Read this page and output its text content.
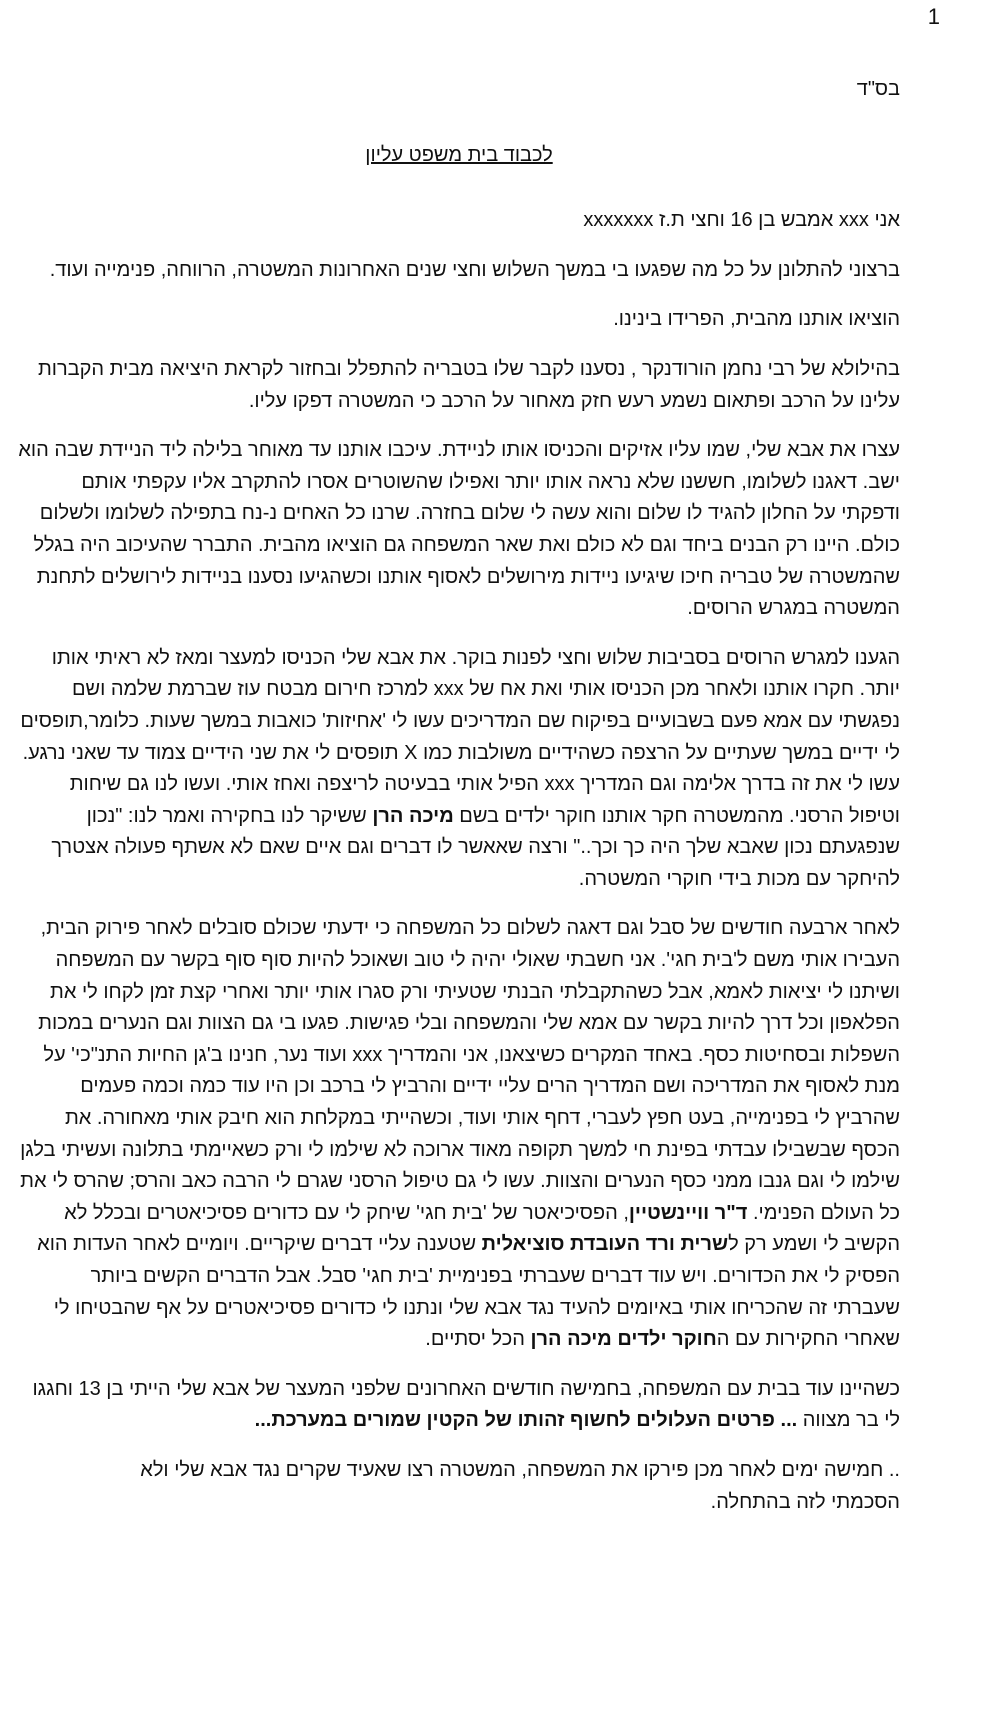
1

בס"ד

לכבוד בית משפט עליון

אני xxx אמבש בן 16 וחצי ת.ז xxxxxxx

ברצוני להתלונן על כל מה שפגעו בי במשך השלוש וחצי שנים האחרונות המשטרה, הרווחה, פנימייה ועוד.

הוציאו אותנו מהבית, הפרידו בינינו.

בהילולא של רבי נחמן הורודנקר , נסענו לקבר שלו בטבריה להתפלל ובחזור לקראת היציאה מבית הקברות עלינו על הרכב ופתאום נשמע רעש חזק מאחור על הרכב כי המשטרה דפקו עליו.

עצרו את אבא שלי, שמו עליו אזיקים והכניסו אותו לניידת. עיכבו אותנו עד מאוחר בלילה ליד הניידת שבה הוא ישב. דאגנו לשלומו, חששנו שלא נראה אותו יותר ואפילו שהשוטרים אסרו להתקרב אליו עקפתי אותם ודפקתי על החלון להגיד לו שלום והוא עשה לי שלום בחזרה. שרנו כל האחים נ-נח בתפילה לשלומו ולשלום כולם. היינו רק הבנים ביחד וגם לא כולם ואת שאר המשפחה גם הוציאו מהבית. התברר שהעיכוב היה בגלל שהמשטרה של טבריה חיכו שיגיעו ניידות מירושלים לאסוף אותנו וכשהגיעו נסענו בניידות לירושלים לתחנת המשטרה במגרש הרוסים.

הגענו למגרש הרוסים בסביבות שלוש וחצי לפנות בוקר. את אבא שלי הכניסו למעצר ומאז לא ראיתי אותו יותר. חקרו אותנו ולאחר מכן הכניסו אותי ואת אח של xxx למרכז חירום מבטח עוז שברמת שלמה ושם נפגשתי עם אמא פעם בשבועיים בפיקוח שם המדריכים עשו לי 'אחיזות' כואבות במשך שעות. כלומר,תופסים לי ידיים במשך שעתיים על הרצפה כשהידיים משולבות כמו X תופסים לי את שני הידיים צמוד עד שאני נרגע. עשו לי את זה בדרך אלימה וגם המדריך xxx הפיל אותי בבעיטה לריצפה ואחז אותי. ועשו לנו גם שיחות וטיפול הרסני. מהמשטרה חקר אותנו חוקר ילדים בשם מיכה הרן ששיקר לנו בחקירה ואמר לנו: "נכון שנפגעתם נכון שאבא שלך היה כך וכך.." ורצה שאאשר לו דברים וגם איים שאם לא אשתף פעולה אצטרך להיחקר עם מכות בידי חוקרי המשטרה.

לאחר ארבעה חודשים של סבל וגם דאגה לשלום כל המשפחה כי ידעתי שכולם סובלים לאחר פירוק הבית, העבירו אותי משם ל'בית חגי'. אני חשבתי שאולי יהיה לי טוב ושאוכל להיות סוף סוף בקשר עם המשפחה ושיתנו לי יציאות לאמא, אבל כשהתקבלתי הבנתי שטעיתי ורק סגרו אותי יותר ואחרי קצת זמן לקחו לי את הפלאפון וכל דרך להיות בקשר עם אמא שלי והמשפחה ובלי פגישות. פגעו בי גם הצוות וגם הנערים במכות השפלות ובסחיטות כסף. באחד המקרים כשיצאנו, אני והמדריך xxx ועוד נער, חנינו ב'גן החיות התנ"כי' על מנת לאסוף את המדריכה ושם המדריך הרים עליי ידיים והרביץ לי ברכב וכן היו עוד כמה וכמה פעמים שהרביץ לי בפנימייה, בעט חפץ לעברי, דחף אותי ועוד, וכשהייתי במקלחת הוא חיבק אותי מאחורה. את הכסף שבשבילו עבדתי בפינת חי למשך תקופה מאוד ארוכה לא שילמו לי ורק כשאיימתי בתלונה ועשיתי בלגן שילמו לי וגם גנבו ממני כסף הנערים והצוות. עשו לי גם טיפול הרסני שגרם לי הרבה כאב והרס; שהרס לי את כל העולם הפנימי. ד"ר וויינשטיין, הפסיכיאטר של 'בית חגי' שיחק לי עם כדורים פסיכיאטרים ובכלל לא הקשיב לי ושמע רק לשרית ורד העובדת סוציאלית שטענה עליי דברים שיקריים. ויומיים לאחר העדות הוא הפסיק לי את הכדורים. ויש עוד דברים שעברתי בפנימיית 'בית חגי' סבל. אבל הדברים הקשים ביותר שעברתי זה שהכריחו אותי באיומים להעיד נגד אבא שלי ונתנו לי כדורים פסיכיאטרים על אף שהבטיחו לי שאחרי החקירות עם החוקר ילדים מיכה הרן הכל יסתיים.

כשהיינו עוד בבית עם המשפחה, בחמישה חודשים האחרונים שלפני המעצר של אבא שלי הייתי בן 13 וחגגו לי בר מצווה ... פרטים העלולים לחשוף זהותו של הקטין שמורים במערכת...

.. חמישה ימים לאחר מכן פירקו את המשפחה, המשטרה רצו שאעיד שקרים נגד אבא שלי ולא הסכמתי לזה בהתחלה.
